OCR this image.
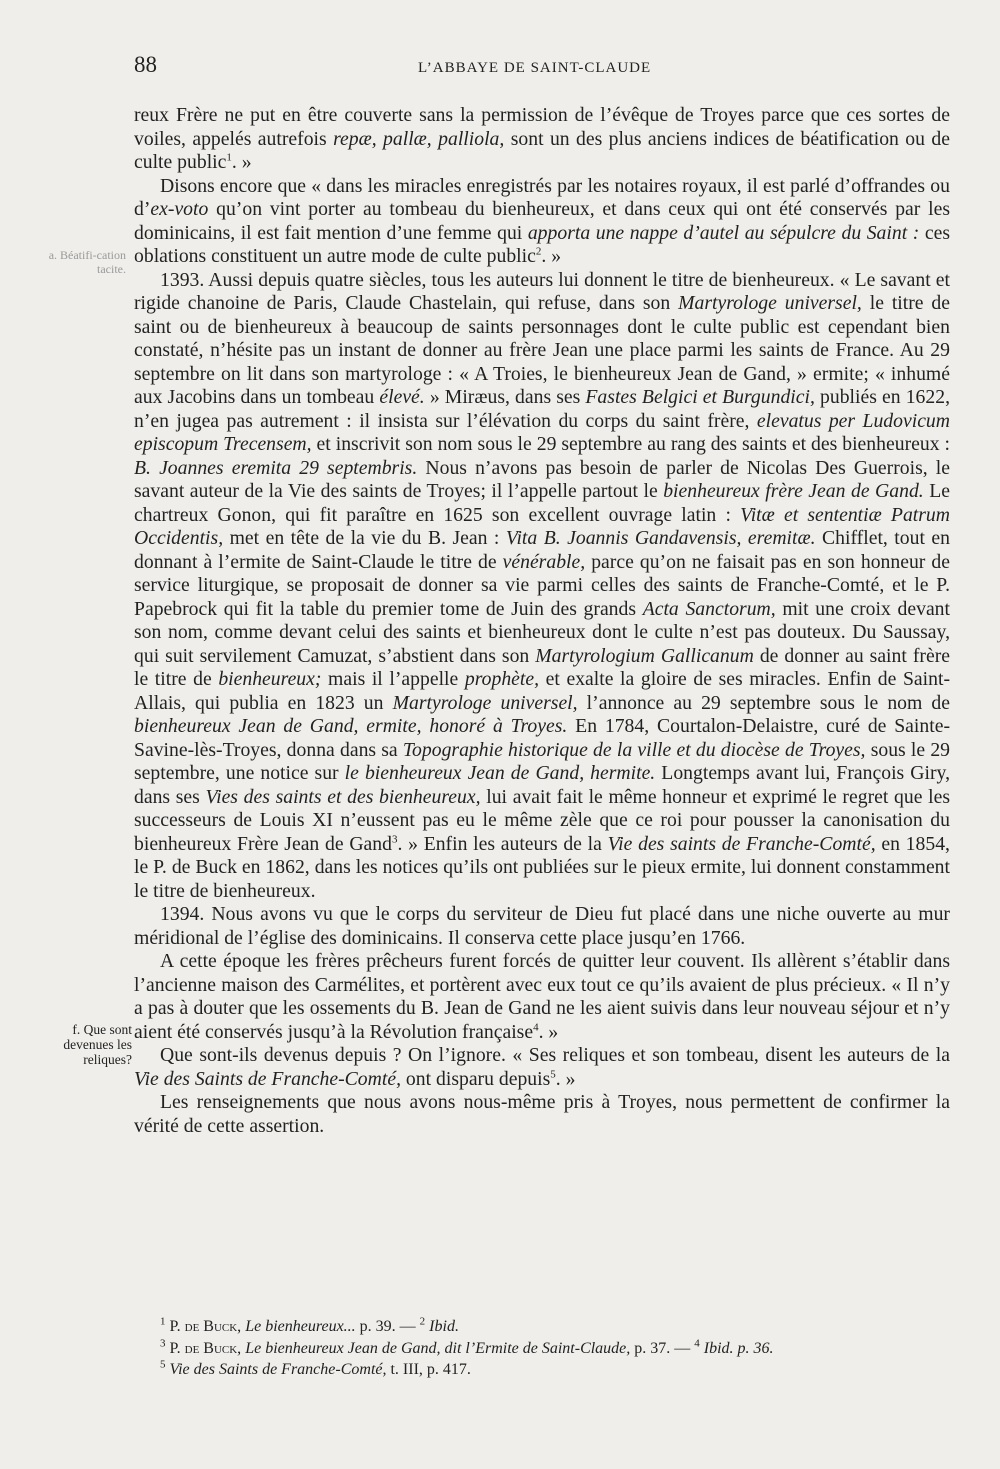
88	L’ABBAYE DE SAINT-CLAUDE
a. Béatifi-cation tacite.
f. Que sont devenues les reliques?

reux Frère ne put en être couverte sans la permission de l’évêque de Troyes parce que ces sortes de voiles, appelés autrefois repæ, pallæ, palliola, sont un des plus anciens indices de béatification ou de culte public$^1$. »

Disons encore que « dans les miracles enregistrés par les notaires royaux, il est parlé d’offrandes ou d’ex-voto qu’on vint porter au tombeau du bienheureux, et dans ceux qui ont été conservés par les dominicains, il est fait mention d’une femme qui apporta une nappe d’autel au sépulcre du Saint : ces oblations constituent un autre mode de culte public$^2$. »

1393. Aussi depuis quatre siècles, tous les auteurs lui donnent le titre de bienheureux. « Le savant et rigide chanoine de Paris, Claude Chastelain, qui refuse, dans son Martyrologe universel, le titre de saint ou de bienheureux à beaucoup de saints personnages dont le culte public est cependant bien constaté, n’hésite pas un instant de donner au frère Jean une place parmi les saints de France. Au 29 septembre on lit dans son martyrologe : « A Troies, le bienheureux Jean de Gand, » ermite; « inhumé aux Jacobins dans un tombeau élevé. » Miræus, dans ses Fastes Belgici et Burgundici, publiés en 1622, n’en jugea pas autrement : il insista sur l’élévation du corps du saint frère, elevatus per Ludovicum episcopum Trecensem, et inscrivit son nom sous le 29 septembre au rang des saints et des bienheureux : B. Joannes eremita 29 septembris. Nous n’avons pas besoin de parler de Nicolas Des Guerrois, le savant auteur de la Vie des saints de Troyes; il l’appelle partout le bienheureux frère Jean de Gand. Le chartreux Gonon, qui fit paraître en 1625 son excellent ouvrage latin : Vitæ et sententiæ Patrum Occidentis, met en tête de la vie du B. Jean : Vita B. Joannis Gandavensis, eremitæ. Chifflet, tout en donnant à l’ermite de Saint-Claude le titre de vénérable, parce qu’on ne faisait pas en son honneur de service liturgique, se proposait de donner sa vie parmi celles des saints de Franche-Comté, et le P. Papebrock qui fit la table du premier tome de Juin des grands Acta Sanctorum, mit une croix devant son nom, comme devant celui des saints et bienheureux dont le culte n’est pas douteux. Du Saussay, qui suit servilement Camuzat, s’abstient dans son Martyrologium Gallicanum de donner au saint frère le titre de bienheureux; mais il l’appelle prophète, et exalte la gloire de ses miracles. Enfin de Saint-Allais, qui publia en 1823 un Martyrologe universel, l’annonce au 29 septembre sous le nom de bienheureux Jean de Gand, ermite, honoré à Troyes. En 1784, Courtalon-Delaistre, curé de Sainte-Savine-lès-Troyes, donna dans sa Topographie historique de la ville et du diocèse de Troyes, sous le 29 septembre, une notice sur le bienheureux Jean de Gand, hermite. Longtemps avant lui, François Giry, dans ses Vies des saints et des bienheureux, lui avait fait le même honneur et exprimé le regret que les successeurs de Louis XI n’eussent pas eu le même zèle que ce roi pour pousser la canonisation du bienheureux Frère Jean de Gand$^3$. » Enfin les auteurs de la Vie des saints de Franche-Comté, en 1854, le P. de Buck en 1862, dans les notices qu’ils ont publiées sur le pieux ermite, lui donnent constamment le titre de bienheureux.

1394. Nous avons vu que le corps du serviteur de Dieu fut placé dans une niche ouverte au mur méridional de l’église des dominicains. Il conserva cette place jusqu’en 1766.

A cette époque les frères prêcheurs furent forcés de quitter leur couvent. Ils allèrent s’établir dans l’ancienne maison des Carmélites, et portèrent avec eux tout ce qu’ils avaient de plus précieux. « Il n’y a pas à douter que les ossements du B. Jean de Gand ne les aient suivis dans leur nouveau séjour et n’y aient été conservés jusqu’à la Révolution française$^4$. »

Que sont-ils devenus depuis ? On l’ignore. « Ses reliques et son tombeau, disent les auteurs de la Vie des Saints de Franche-Comté, ont disparu depuis$^5$. »

Les renseignements que nous avons nous-même pris à Troyes, nous permettent de confirmer la vérité de cette assertion.

$^1$ P. de Buck, Le bienheureux... p. 39. — $^2$ Ibid.
$^3$ P. de Buck, Le bienheureux Jean de Gand, dit l’Ermite de Saint-Claude, p. 37. — $^4$ Ibid. p. 36.
$^5$ Vie des Saints de Franche-Comté, t. III, p. 417.
